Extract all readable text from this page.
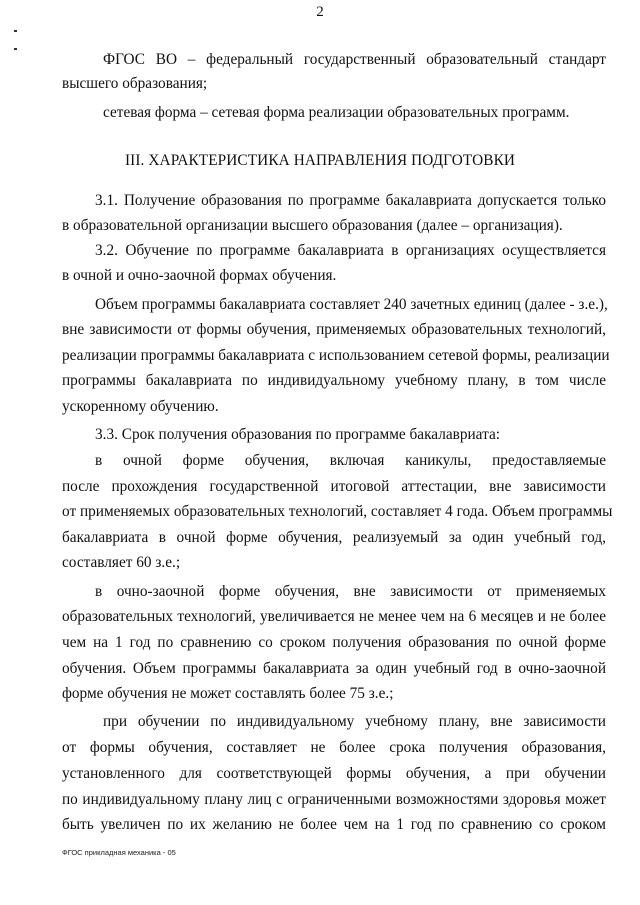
2
ФГОС ВО – федеральный государственный образовательный стандарт
высшего образования;
сетевая форма – сетевая форма реализации образовательных программ.
III. ХАРАКТЕРИСТИКА НАПРАВЛЕНИЯ ПОДГОТОВКИ
3.1. Получение образования по программе бакалавриата допускается только
в образовательной организации высшего образования (далее – организация).
3.2. Обучение по программе бакалавриата в организациях осуществляется
в очной и очно-заочной формах обучения.
Объем программы бакалавриата составляет 240 зачетных единиц (далее - з.е.),
вне зависимости от формы обучения, применяемых образовательных технологий,
реализации программы бакалавриата с использованием сетевой формы, реализации
программы бакалавриата по индивидуальному учебному плану, в том числе
ускоренному обучению.
3.3. Срок получения образования по программе бакалавриата:
в очной форме обучения, включая каникулы, предоставляемые
после прохождения государственной итоговой аттестации, вне зависимости
от применяемых образовательных технологий, составляет 4 года. Объем программы
бакалавриата в очной форме обучения, реализуемый за один учебный год,
составляет 60 з.е.;
в очно-заочной форме обучения, вне зависимости от применяемых
образовательных технологий, увеличивается не менее чем на 6 месяцев и не более
чем на 1 год по сравнению со сроком получения образования по очной форме
обучения. Объем программы бакалавриата за один учебный год в очно-заочной
форме обучения не может составлять более 75 з.е.;
при обучении по индивидуальному учебному плану, вне зависимости
от формы обучения, составляет не более срока получения образования,
установленного для соответствующей формы обучения, а при обучении
по индивидуальному плану лиц с ограниченными возможностями здоровья может
быть увеличен по их желанию не более чем на 1 год по сравнению со сроком
ФГОС прикладная механика - 05
